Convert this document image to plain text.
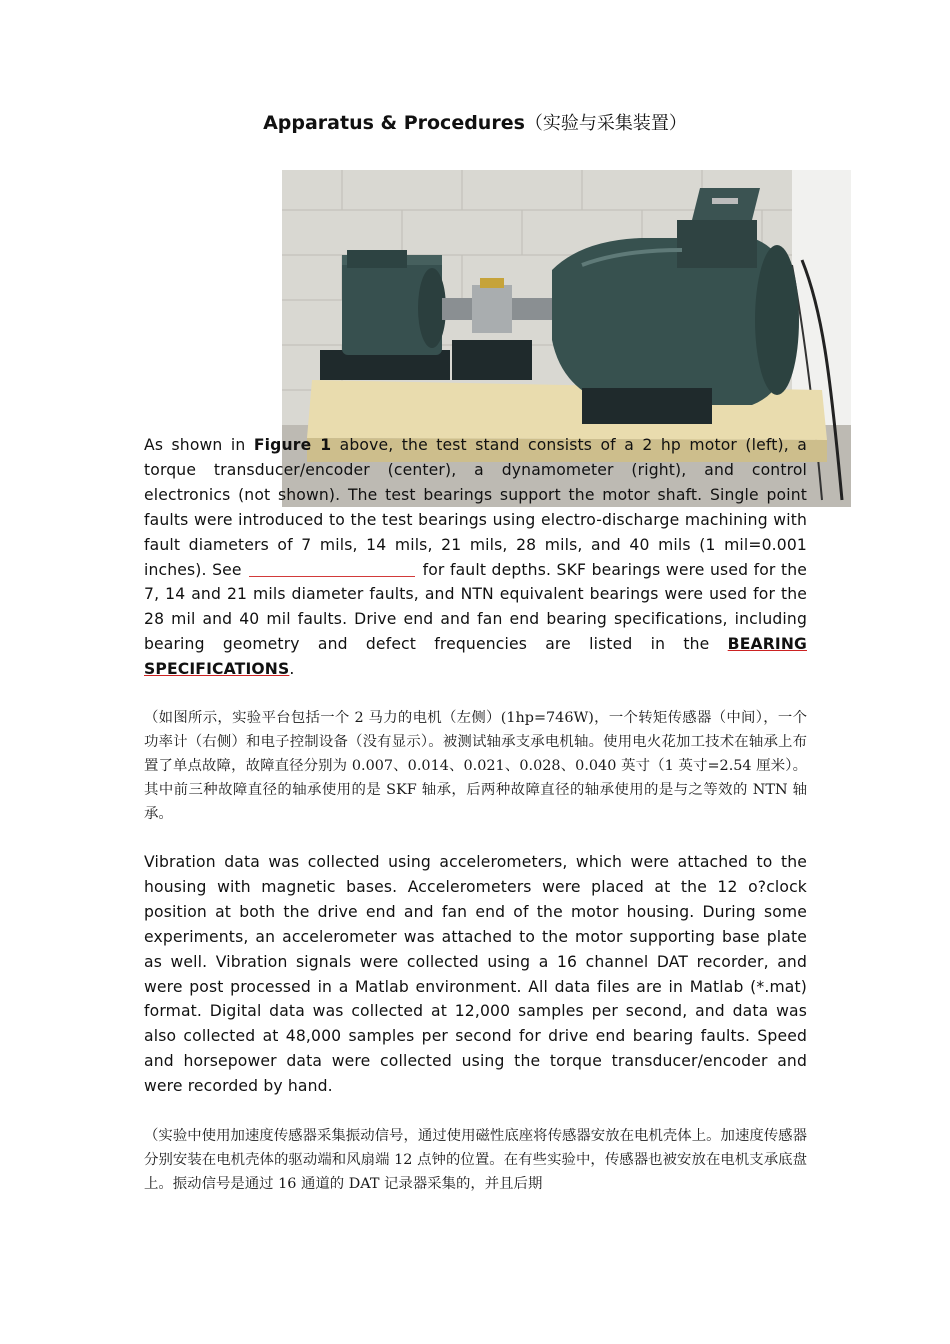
Apparatus & Procedures（实验与采集装置）

As shown in Figure 1 above, the test stand consists of a 2 hp motor (left), a torque transducer/encoder (center), a dynamometer (right), and control electronics (not shown). The test bearings support the motor shaft. Single point faults were introduced to the test bearings using electro-discharge machining with fault diameters of 7 mils, 14 mils, 21 mils, 28 mils, and 40 mils (1 mil=0.001 inches). See	for fault depths. SKF bearings were used for the 7, 14 and 21 mils diameter faults, and NTN equivalent bearings were used for the 28 mil and 40 mil faults. Drive end and fan end bearing specifications, including bearing geometry and defect frequencies are listed in the BEARING SPECIFICATIONS.

（如图所示，实验平台包括一个 2 马力的电机（左侧）(1hp=746W)，一个转矩传感器（中间），一个功率计（右侧）和电子控制设备（没有显示）。被测试轴承支承电机轴。使用电火花加工技术在轴承上布置了单点故障，故障直径分别为 0.007、0.014、0.021、0.028、0.040 英寸（1 英寸=2.54 厘米）。其中前三种故障直径的轴承使用的是 SKF 轴承，后两种故障直径的轴承使用的是与之等效的 NTN 轴承。

Vibration data was collected using accelerometers, which were attached to the housing with magnetic bases. Accelerometers were placed at the 12 o?clock position at both the drive end and fan end of the motor housing. During some experiments, an accelerometer was attached to the motor supporting base plate as well. Vibration signals were collected using a 16 channel DAT recorder, and were post processed in a Matlab environment. All data files are in Matlab (*.mat) format. Digital data was collected at 12,000 samples per second, and data was also collected at 48,000 samples per second for drive end bearing faults. Speed and horsepower data were collected using the torque transducer/encoder and were recorded by hand.

（实验中使用加速度传感器采集振动信号，通过使用磁性底座将传感器安放在电机壳体上。加速度传感器分别安装在电机壳体的驱动端和风扇端 12 点钟的位置。在有些实验中，传感器也被安放在电机支承底盘上。振动信号是通过 16 通道的 DAT 记录器采集的，并且后期
